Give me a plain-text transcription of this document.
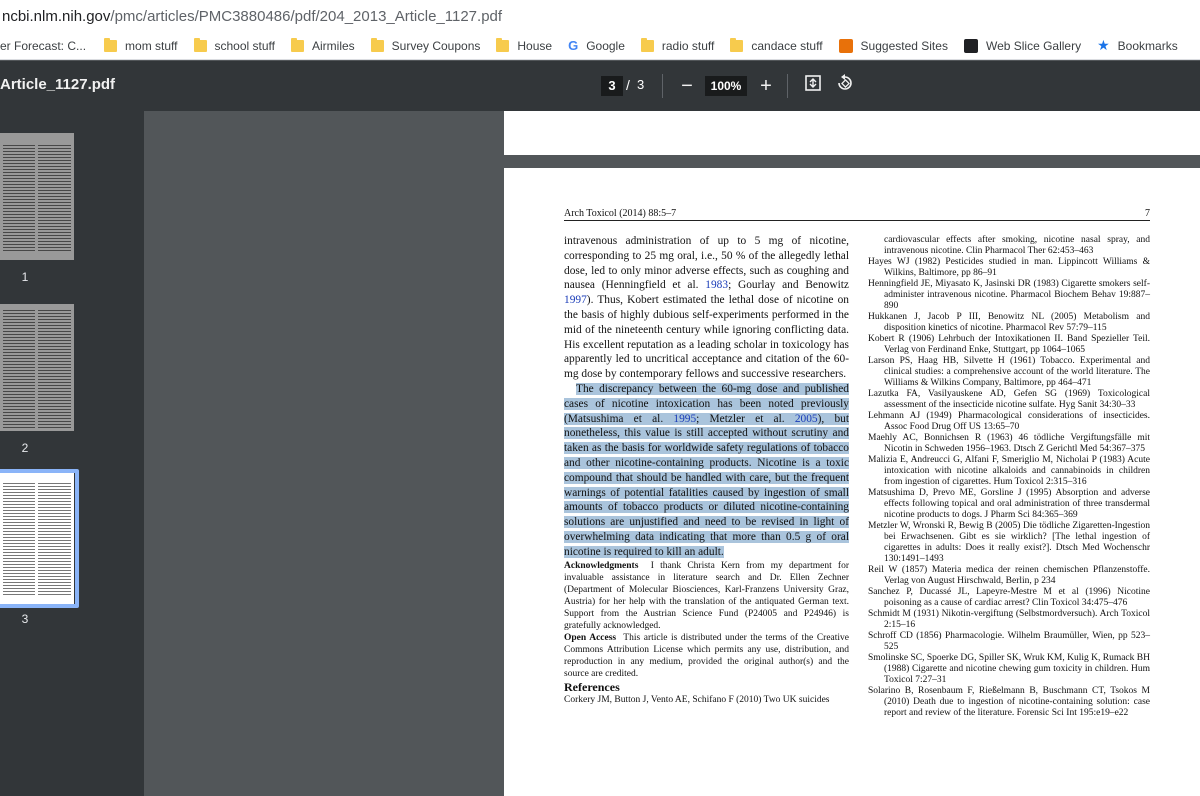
ncbi.nlm.nih.gov/pmc/articles/PMC3880486/pdf/204_2013_Article_1127.pdf
er Forecast: C...	mom stuff	school stuff	Airmiles	Survey Coupons	House G Google	radio stuff	candace stuff	Suggested Sites	Web Slice Gallery ★ Bookmarks
Article_1127.pdf	3 / 3	−	100% +
1
2
3
Arch Toxicol (2014) 88:5–7	7

intravenous administration of up to 5 mg of nicotine, corresponding to 25 mg oral, i.e., 50 % of the allegedly lethal dose, led to only minor adverse effects, such as coughing and nausea (Henningfield et al. 1983; Gourlay and Benowitz 1997). Thus, Kobert estimated the lethal dose of nicotine on the basis of highly dubious self-experiments performed in the mid of the nineteenth century while ignoring conflicting data. His excellent reputation as a leading scholar in toxicology has apparently led to uncritical acceptance and citation of the 60-mg dose by contemporary fellows and successive researchers.

The discrepancy between the 60-mg dose and published cases of nicotine intoxication has been noted previously (Matsushima et al. 1995; Metzler et al. 2005), but nonetheless, this value is still accepted without scrutiny and taken as the basis for worldwide safety regulations of tobacco and other nicotine-containing products. Nicotine is a toxic compound that should be handled with care, but the frequent warnings of potential fatalities caused by ingestion of small amounts of tobacco products or diluted nicotine-containing solutions are unjustified and need to be revised in light of overwhelming data indicating that more than 0.5 g of oral nicotine is required to kill an adult.

Acknowledgments I thank Christa Kern from my department for invaluable assistance in literature search and Dr. Ellen Zechner (Department of Molecular Biosciences, Karl-Franzens University Graz, Austria) for her help with the translation of the antiquated German text. Support from the Austrian Science Fund (P24005 and P24946) is gratefully acknowledged.

Open Access This article is distributed under the terms of the Creative Commons Attribution License which permits any use, distribution, and reproduction in any medium, provided the original author(s) and the source are credited.

References

Corkery JM, Button J, Vento AE, Schifano F (2010) Two UK suicides

cardiovascular effects after smoking, nicotine nasal spray, and intravenous nicotine. Clin Pharmacol Ther 62:453–463
Hayes WJ (1982) Pesticides studied in man. Lippincott Williams & Wilkins, Baltimore, pp 86–91
Henningfield JE, Miyasato K, Jasinski DR (1983) Cigarette smokers self-administer intravenous nicotine. Pharmacol Biochem Behav 19:887–890
Hukkanen J, Jacob P III, Benowitz NL (2005) Metabolism and disposition kinetics of nicotine. Pharmacol Rev 57:79–115
Kobert R (1906) Lehrbuch der Intoxikationen II. Band Spezieller Teil. Verlag von Ferdinand Enke, Stuttgart, pp 1064–1065
Larson PS, Haag HB, Silvette H (1961) Tobacco. Experimental and clinical studies: a comprehensive account of the world literature. The Williams & Wilkins Company, Baltimore, pp 464–471
Lazutka FA, Vasilyauskene AD, Gefen SG (1969) Toxicological assessment of the insecticide nicotine sulfate. Hyg Sanit 34:30–33
Lehmann AJ (1949) Pharmacological considerations of insecticides. Assoc Food Drug Off US 13:65–70
Maehly AC, Bonnichsen R (1963) 46 tödliche Vergiftungsfälle mit Nicotin in Schweden 1956–1963. Dtsch Z Gerichtl Med 54:367–375
Malizia E, Andreucci G, Alfani F, Smeriglio M, Nicholai P (1983) Acute intoxication with nicotine alkaloids and cannabinoids in children from ingestion of cigarettes. Hum Toxicol 2:315–316
Matsushima D, Prevo ME, Gorsline J (1995) Absorption and adverse effects following topical and oral administration of three transdermal nicotine products to dogs. J Pharm Sci 84:365–369
Metzler W, Wronski R, Bewig B (2005) Die tödliche Zigaretten-Ingestion bei Erwachsenen. Gibt es sie wirklich? [The lethal ingestion of cigarettes in adults: Does it really exist?]. Dtsch Med Wochenschr 130:1491–1493
Reil W (1857) Materia medica der reinen chemischen Pflanzenstoffe. Verlag von August Hirschwald, Berlin, p 234
Sanchez P, Ducassé JL, Lapeyre-Mestre M et al (1996) Nicotine poisoning as a cause of cardiac arrest? Clin Toxicol 34:475–476
Schmidt M (1931) Nikotin-vergiftung (Selbstmordversuch). Arch Toxicol 2:15–16
Schroff CD (1856) Pharmacologie. Wilhelm Braumüller, Wien, pp 523–525
Smolinske SC, Spoerke DG, Spiller SK, Wruk KM, Kulig K, Rumack BH (1988) Cigarette and nicotine chewing gum toxicity in children. Hum Toxicol 7:27–31
Solarino B, Rosenbaum F, Rießelmann B, Buschmann CT, Tsokos M (2010) Death due to ingestion of nicotine-containing solution: case report and review of the literature. Forensic Sci Int 195:e19–e22
